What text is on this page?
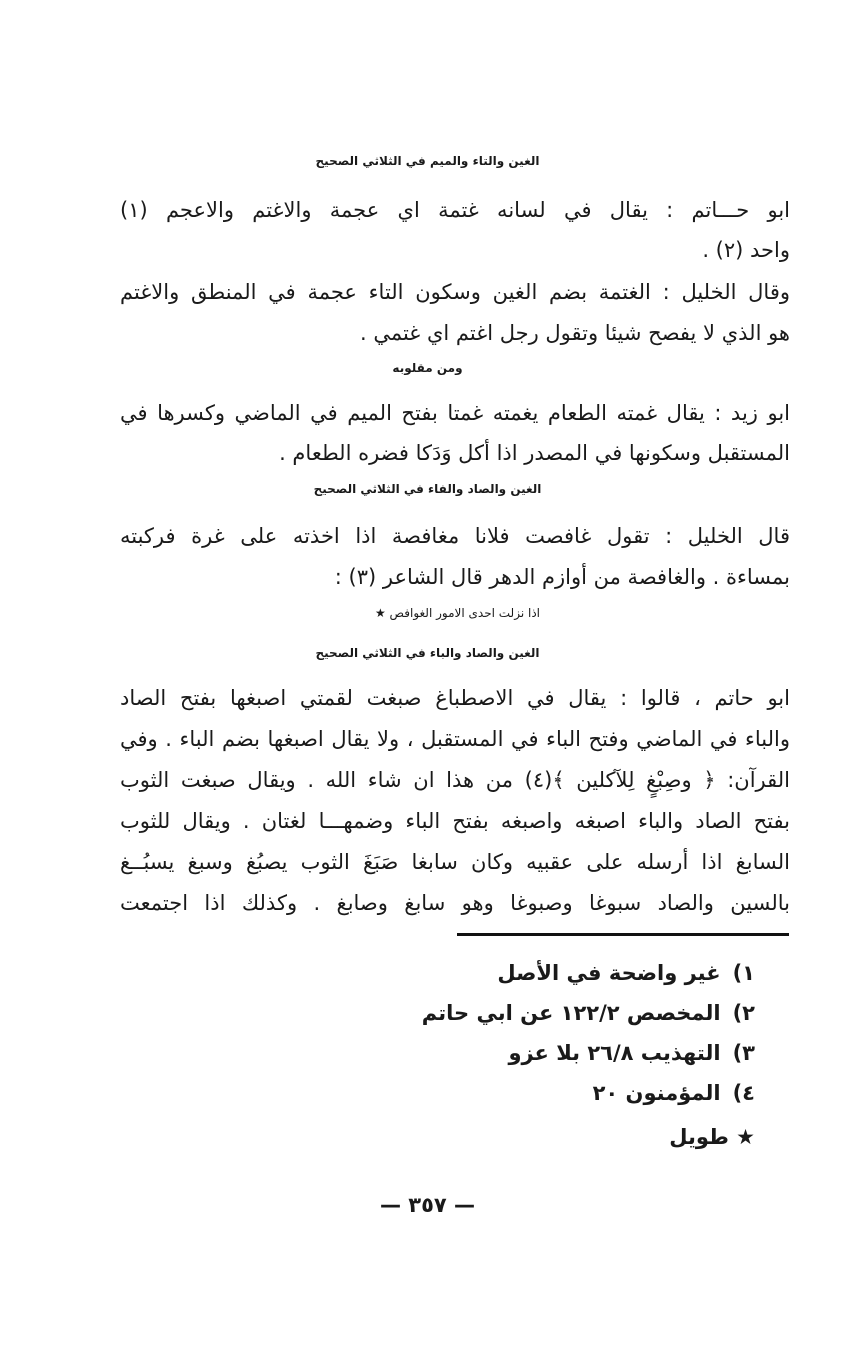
الغين والتاء والميم في الثلاثي الصحيح
ابو حـــاتم : يقال في لسانه غتمة اي عجمة والاغتم والاعجم (١)
واحد (٢) .
وقال الخليل : الغتمة بضم الغين وسكون التاء عجمة في المنطق والاغتم
هو الذي لا يفصح شيئا وتقول رجل اغتم اي غتمي .
ومن مقلوبه
ابو زيد : يقال غمته الطعام يغمته غمتا بفتح الميم في الماضي وكسرها في
المستقبل وسكونها في المصدر اذا أكل وَدَكا فضره الطعام .
الغين والصاد والفاء في الثلاثي الصحيح
قال الخليل : تقول غافصت فلانا مغافصة اذا اخذته على غرة فركبته
بمساءة . والغافصة من أوازم الدهر قال الشاعر (٣) :
اذا نزلت احدى الامور الغوافص ★
الغين والصاد والباء في الثلاثي الصحيح
ابو حاتم ، قالوا : يقال في الاصطباغ صبغت لقمتي اصبغها بفتح الصاد
والباء في الماضي وفتح الباء في المستقبل ، ولا يقال اصبغها بضم الباء . وفي
القرآن: ﴿ وصِبْغٍ لِلآكلين ﴾(٤) من هذا ان شاء الله . ويقال صبغت الثوب
بفتح الصاد والباء اصبغه واصبغه بفتح الباء وضمهـــا لغتان . ويقال للثوب
السابغ اذا أرسله على عقبيه وكان سابغا صَبَغَ الثوب يصبُغ وسبغ يسبُــغ
بالسين والصاد سبوغا وصبوغا وهو سابغ وصابغ . وكذلك اذا اجتمعت
١)غير واضحة في الأصل
٢)المخصص ١٢٢/٢ عن ابي حاتم
٣)التهذيب ٢٦/٨ بلا عزو
٤)المؤمنون ٢٠
★ طويل
— ٣٥٧ —
